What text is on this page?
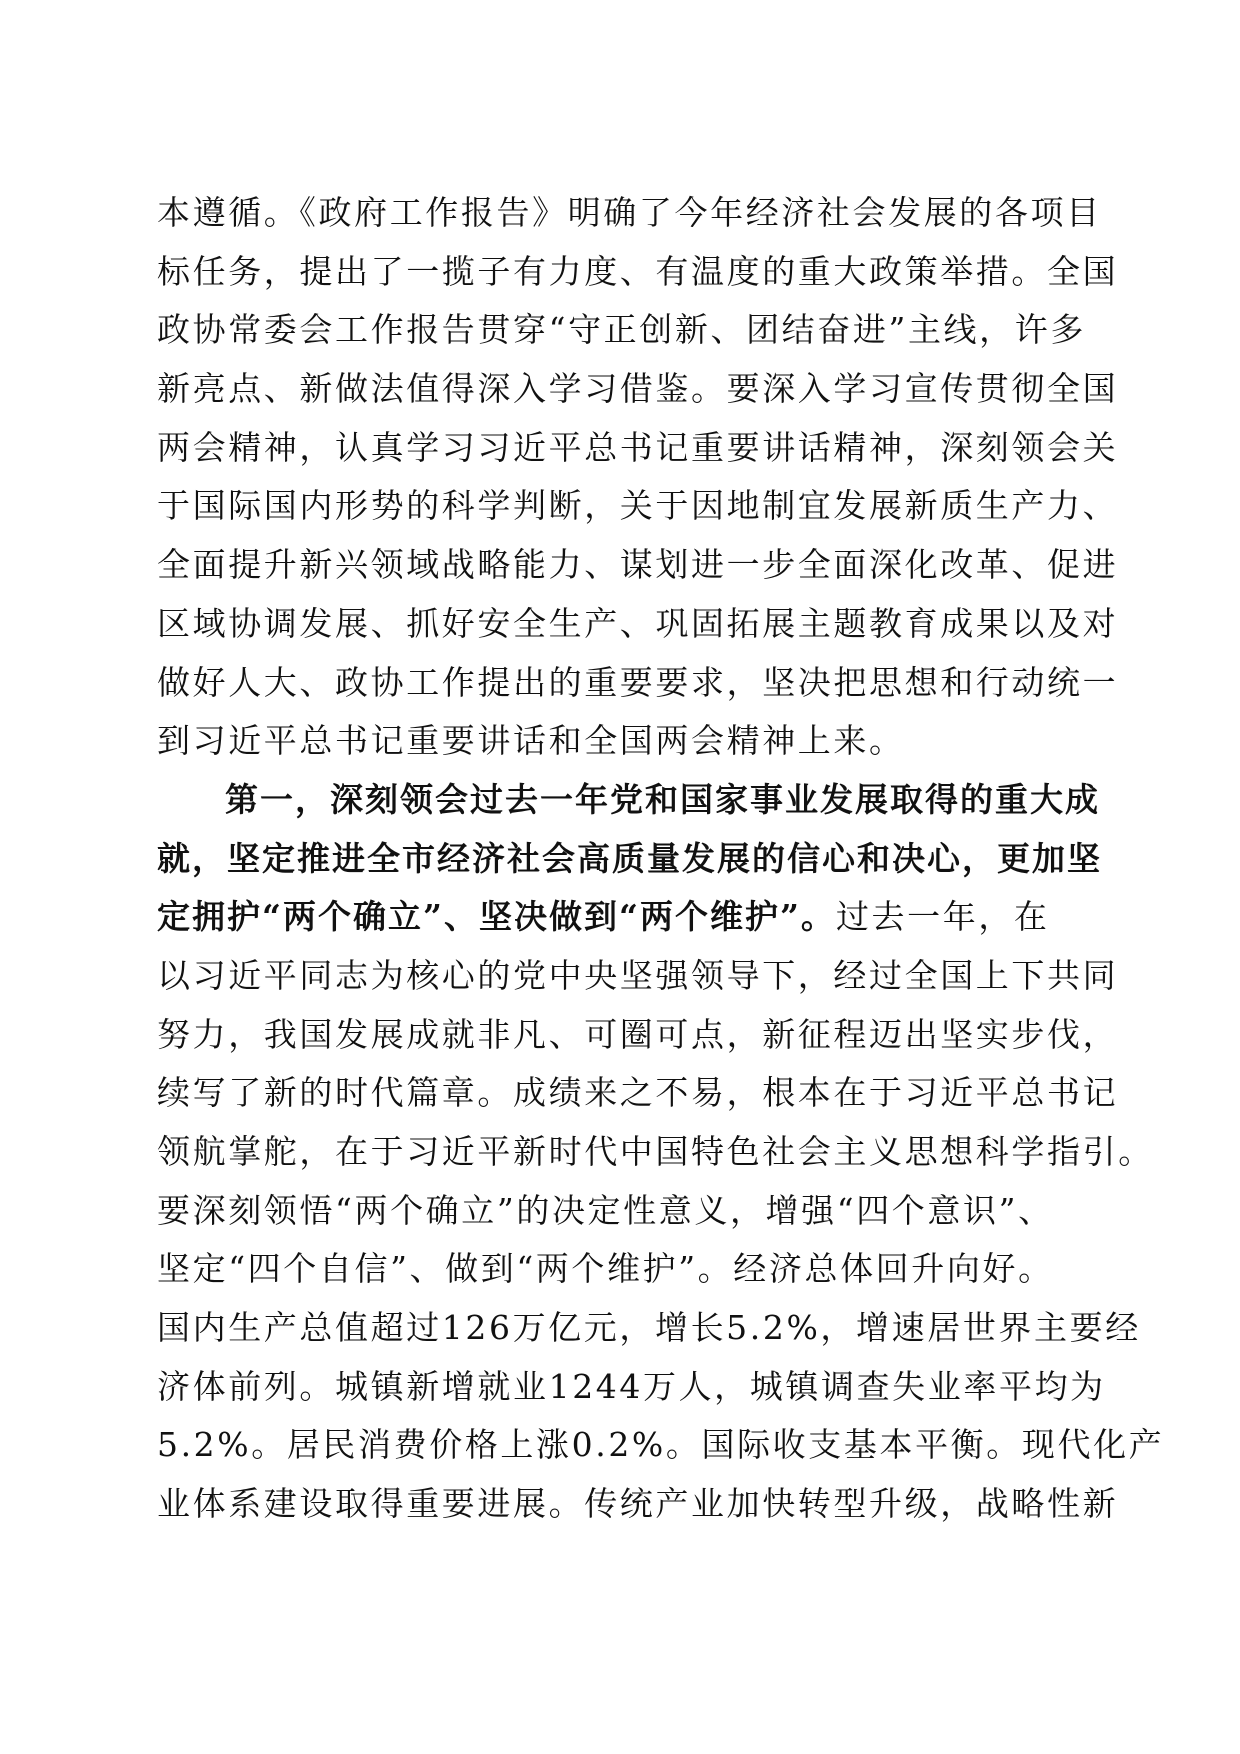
本遵循。《政府工作报告》明确了今年经济社会发展的各项目
标任务，提出了一揽子有力度、有温度的重大政策举措。全国
政协常委会工作报告贯穿“守正创新、团结奋进”主线，许多
新亮点、新做法值得深入学习借鉴。要深入学习宣传贯彻全国
两会精神，认真学习习近平总书记重要讲话精神，深刻领会关
于国际国内形势的科学判断，关于因地制宜发展新质生产力、
全面提升新兴领域战略能力、谋划进一步全面深化改革、促进
区域协调发展、抓好安全生产、巩固拓展主题教育成果以及对
做好人大、政协工作提出的重要要求，坚决把思想和行动统一
到习近平总书记重要讲话和全国两会精神上来。
第一，深刻领会过去一年党和国家事业发展取得的重大成
就，坚定推进全市经济社会高质量发展的信心和决心，更加坚
定拥护“两个确立”、坚决做到“两个维护”。过去一年，在
以习近平同志为核心的党中央坚强领导下，经过全国上下共同
努力，我国发展成就非凡、可圈可点，新征程迈出坚实步伐，
续写了新的时代篇章。成绩来之不易，根本在于习近平总书记
领航掌舵，在于习近平新时代中国特色社会主义思想科学指引。
要深刻领悟“两个确立”的决定性意义，增强“四个意识”、
坚定“四个自信”、做到“两个维护”。经济总体回升向好。
国内生产总值超过126万亿元，增长5.2%，增速居世界主要经
济体前列。城镇新增就业1244万人，城镇调查失业率平均为
5.2%。居民消费价格上涨0.2%。国际收支基本平衡。现代化产
业体系建设取得重要进展。传统产业加快转型升级，战略性新
